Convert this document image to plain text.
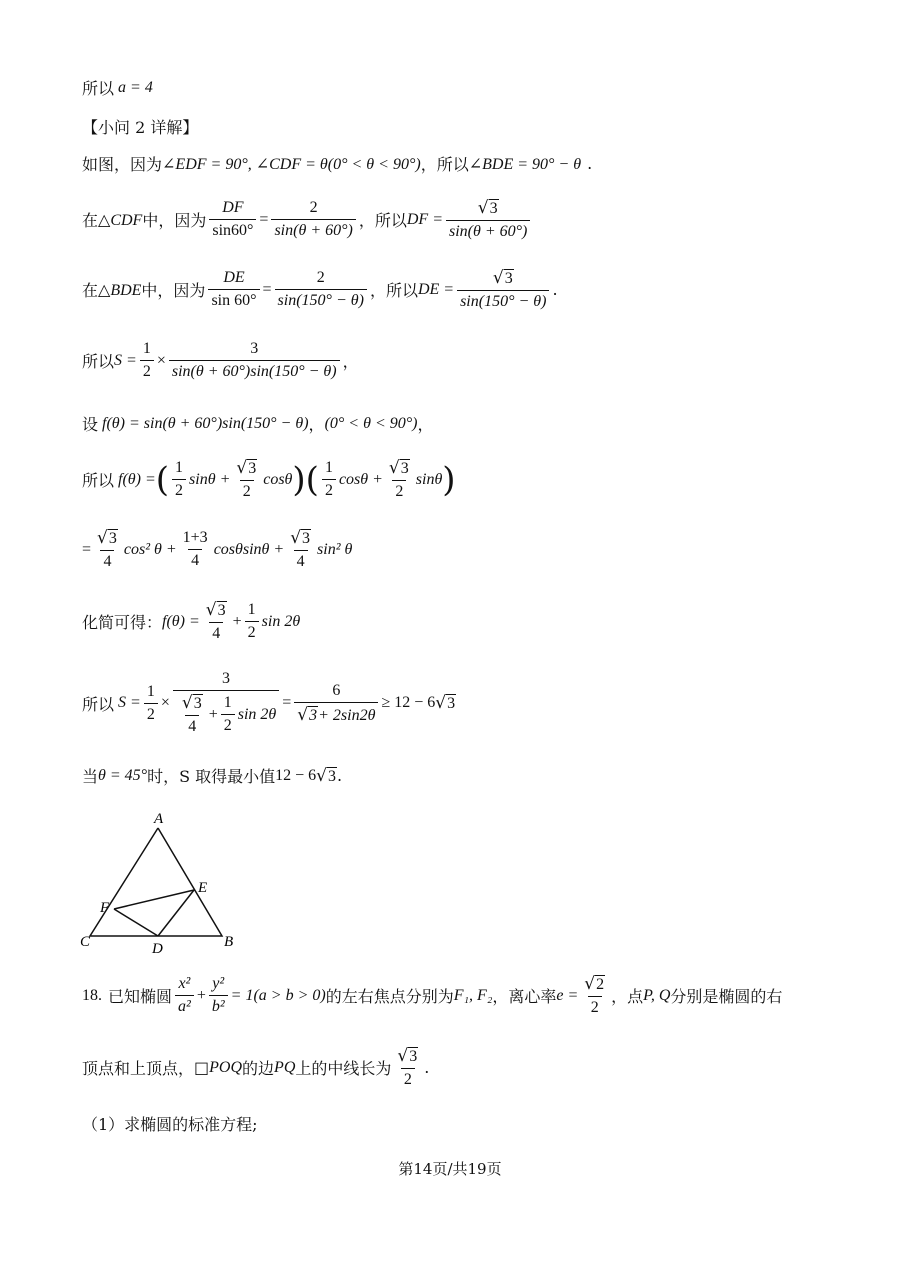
所以 a = 4
【小问 2 详解】
如图，因为 ∠EDF = 90°, ∠CDF = θ(0° < θ < 90°) ，所以 ∠BDE = 90° − θ .
在 △CDF 中，因为 $\frac{DF}{\sin 60^\circ} = \frac{2}{\sin(\theta + 60^\circ)}$ ，所以 DF = $\frac{√ 3}{\sin(\theta + 60^\circ)}$
在 △BDE 中，因为 $\frac{DE}{\sin 60^\circ} = \frac{2}{\sin(150^\circ - \theta)}$ ，所以 DE = $\frac{√ 3}{\sin(150^\circ - \theta)}$ .
所以 $S = \frac{1}{2} \times \frac{3}{\sin(\theta + 60^\circ)\sin(150^\circ - \theta)}$ ，
设 f(θ) = sin(θ + 60°)sin(150° − θ) ， (0° < θ < 90°) ，
所以 f(θ) = ( $\frac{1}{2}$ $\sin\theta + \frac{√ 3}{2}$ cosθ )( $\frac{1}{2}$ $\cos\theta + \frac{√ 3}{2}$ sinθ )
= $\frac{√ 3}{4} \cos^2$ $\theta + \frac{1+3}{4}$ $\cos\theta\sin\theta + \frac{√ 3}{4} \sin^2$ θ
化简可得： $f(\theta) = \frac{√ 3}{4} + \frac{1}{2}$ sin 2θ
所以 $S = \frac{1}{2} \times \frac{3}{\frac{√ 3}{4} + \frac{1}{2} \sin 2\theta} = \frac{6}{√ 3 + 2\sin 2\theta} \ge 12 - 6$ √ 3
当 θ = 45° 时，S 取得最小值 12 − 6 √ 3 .
A
C	B
D
E
F
18. 已知椭圆 $\frac{\text{x²}}{\text{a²}} + \frac{\text{y²}}{\text{b²}} = 1(a > b > 0)$ 的左右焦点分别为 F₁, F₂ ，离心率 $e = \frac{√ 2}{2}$ ，点 P, Q 分别是椭圆的右
顶点和上顶点， □ POQ 的边 PQ 上的中线长为 $\frac{√ 3}{2}$ .
（1）求椭圆的标准方程;
第14页/共19页
